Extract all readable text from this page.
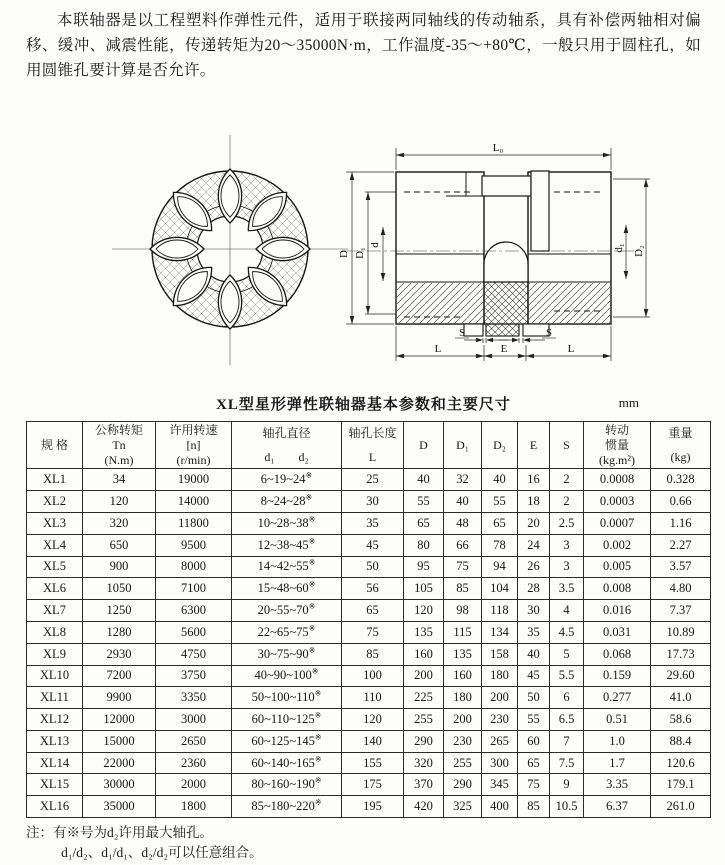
本联轴器是以工程塑料作弹性元件，适用于联接两同轴线的传动轴系，具有补偿两轴相对偏移、缓冲、减震性能，传递转矩为20～35000N·m，工作温度-35～+80℃，一般只用于圆柱孔，如用圆锥孔要计算是否允许。

L₀
D D₁
d	d₁ D₂
S	S
L	E	L
XL型星形弹性联轴器基本参数和主要尺寸	mm
规 格

公称转矩
Tn
(N.m)

许用转速
[n]
(r/min)

轴孔直径
d₁　　d₂

轴孔长度
L

D	D₁	D₂	E	S

转动
惯量
(kg.m²)

重量
(kg)

XL1	34	19000	6~19~24※	25	40	32	40	16	2	0.0008	0.328
XL2	120	14000	8~24~28※	30	55	40	55	18	2	0.0003	0.66
XL3	320	11800	10~28~38※	35	65	48	65	20	2.5	0.0007	1.16
XL4	650	9500	12~38~45※	45	80	66	78	24	3	0.002	2.27
XL5	900	8000	14~42~55※	50	95	75	94	26	3	0.005	3.57
XL6	1050	7100	15~48~60※	56	105	85	104	28	3.5	0.008	4.80
XL7	1250	6300	20~55~70※	65	120	98	118	30	4	0.016	7.37
XL8	1280	5600	22~65~75※	75	135	115	134	35	4.5	0.031	10.89
XL9	2930	4750	30~75~90※	85	160	135	158	40	5	0.068	17.73
XL10	7200	3750	40~90~100※	100	200	160	180	45	5.5	0.159	29.60
XL11	9900	3350	50~100~110※	110	225	180	200	50	6	0.277	41.0
XL12	12000	3000	60~110~125※	120	255	200	230	55	6.5	0.51	58.6
XL13	15000	2650	60~125~145※	140	290	230	265	60	7	1.0	88.4
XL14	22000	2360	60~140~165※	155	320	255	300	65	7.5	1.7	120.6
XL15	30000	2000	80~160~190※	175	370	290	345	75	9	3.35	179.1
XL16	35000	1800	85~180~220※	195	420	325	400	85	10.5	6.37	261.0
注：有※号为d₂许用最大轴孔。
d₁/d₂、d₁/d₁、d₂/d₂可以任意组合。
